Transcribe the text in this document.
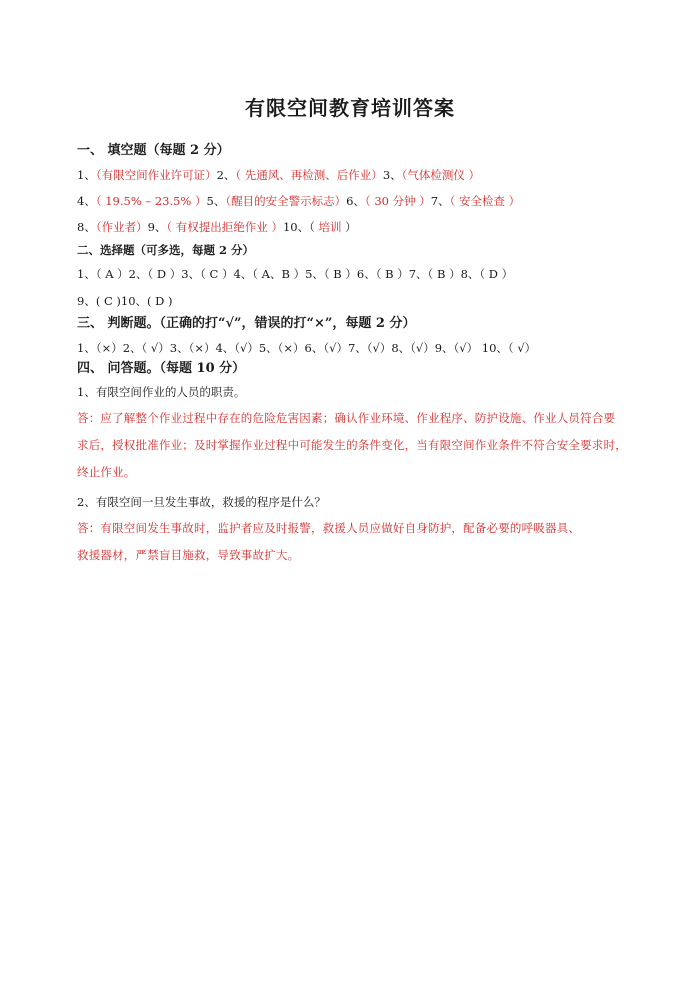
有限空间教育培训答案
一、 填空题（每题 2 分）
1、（有限空间作业许可证）2、（ 先通风、再检测、后作业）3、（气体检测仪 ）
4、（ 19.5% – 23.5% ）5、（醒目的安全警示标志）6、（ 30 分钟 ）7、（ 安全检查 ）
8、（作业者）9、（ 有权提出拒绝作业 ）10、（ 培训 ）
二、选择题（可多选，每题 2 分）
1、（ A ）2、（ D ）3、（ C ）4、（ A、B ）5、（ B ）6、（ B ）7、（ B ）8、（ D ）
9、( C )10、( D )
三、 判断题。（正确的打“√”，错误的打“×”，每题 2 分）
1、（×）2、（ √）3、（×）4、（√）5、（×）6、（√）7、（√）8、（√）9、（√） 10、（ √）
四、 问答题。（每题 10 分）
1、有限空间作业的人员的职责。
答：应了解整个作业过程中存在的危险危害因素；确认作业环境、作业程序、防护设施、作业人员符合要
求后，授权批准作业；及时掌握作业过程中可能发生的条件变化，当有限空间作业条件不符合安全要求时，
终止作业。
2、有限空间一旦发生事故，救援的程序是什么？
答：有限空间发生事故时，监护者应及时报警，救援人员应做好自身防护，配备必要的呼吸器具、
救援器材，严禁盲目施救，导致事故扩大。
